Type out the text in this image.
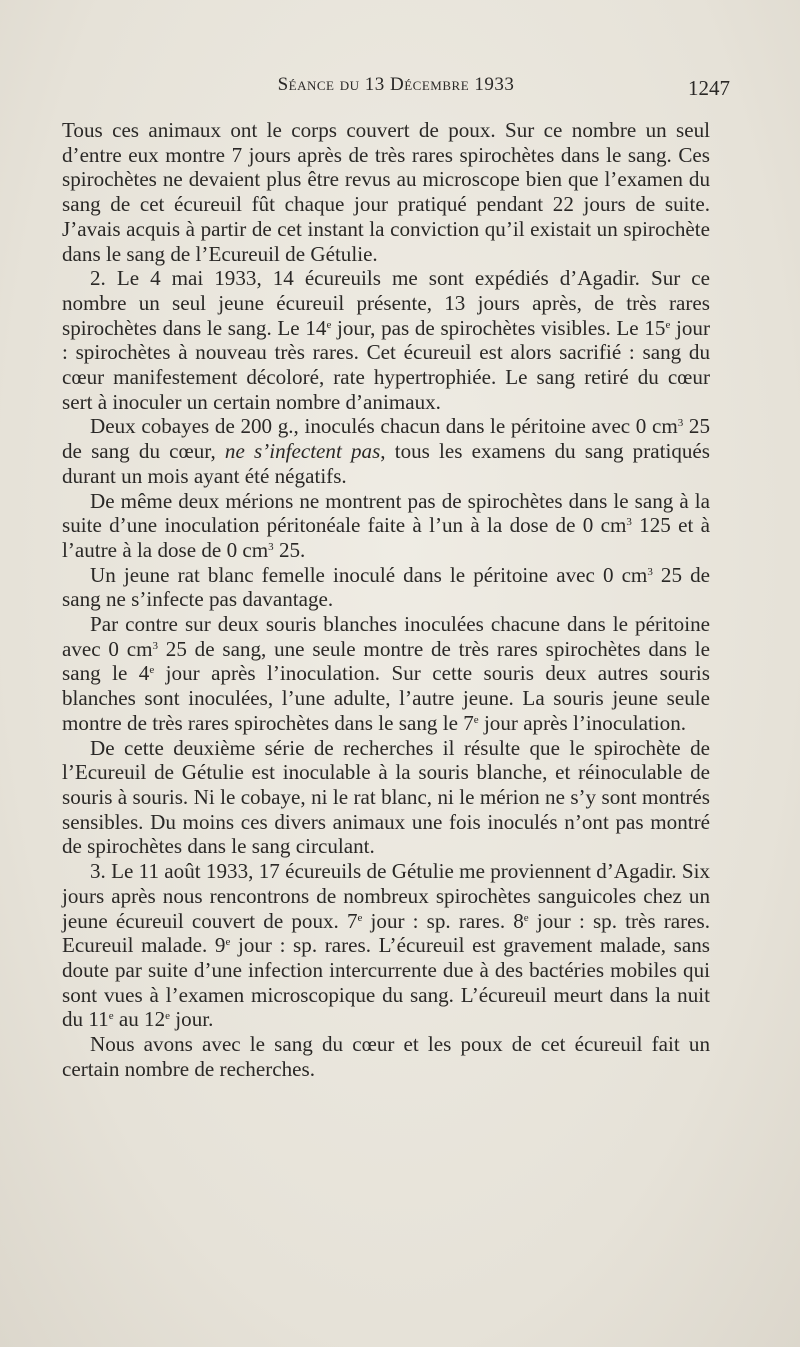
Séance du 13 Décembre 1933	1247

Tous ces animaux ont le corps couvert de poux. Sur ce nombre un seul d’entre eux montre 7 jours après de très rares spirochètes dans le sang. Ces spirochètes ne devaient plus être revus au microscope bien que l’examen du sang de cet écureuil fût chaque jour pratiqué pendant 22 jours de suite. J’avais acquis à partir de cet instant la conviction qu’il existait un spirochète dans le sang de l’Ecureuil de Gétulie.

2. Le 4 mai 1933, 14 écureuils me sont expédiés d’Agadir. Sur ce nombre un seul jeune écureuil présente, 13 jours après, de très rares spirochètes dans le sang. Le 14e jour, pas de spirochètes visibles. Le 15e jour : spirochètes à nouveau très rares. Cet écureuil est alors sacrifié : sang du cœur manifestement décoloré, rate hypertrophiée. Le sang retiré du cœur sert à inoculer un certain nombre d’animaux.

Deux cobayes de 200 g., inoculés chacun dans le péritoine avec 0 $cm^3$ 25 de sang du cœur, ne s’infectent pas, tous les examens du sang pratiqués durant un mois ayant été négatifs.

De même deux mérions ne montrent pas de spirochètes dans le sang à la suite d’une inoculation péritonéale faite à l’un à la dose de 0 $cm^3$ 125 et à l’autre à la dose de 0 $cm^3$ 25.

Un jeune rat blanc femelle inoculé dans le péritoine avec 0 $cm^3$ 25 de sang ne s’infecte pas davantage.

Par contre sur deux souris blanches inoculées chacune dans le péritoine avec 0 $cm^3$ 25 de sang, une seule montre de très rares spirochètes dans le sang le 4e jour après l’inoculation. Sur cette souris deux autres souris blanches sont inoculées, l’une adulte, l’autre jeune. La souris jeune seule montre de très rares spirochètes dans le sang le 7e jour après l’inoculation.

De cette deuxième série de recherches il résulte que le spirochète de l’Ecureuil de Gétulie est inoculable à la souris blanche, et réinoculable de souris à souris. Ni le cobaye, ni le rat blanc, ni le mérion ne s’y sont montrés sensibles. Du moins ces divers animaux une fois inoculés n’ont pas montré de spirochètes dans le sang circulant.

3. Le 11 août 1933, 17 écureuils de Gétulie me proviennent d’Agadir. Six jours après nous rencontrons de nombreux spirochètes sanguicoles chez un jeune écureuil couvert de poux. 7e jour : sp. rares. 8e jour : sp. très rares. Ecureuil malade. 9e jour : sp. rares. L’écureuil est gravement malade, sans doute par suite d’une infection intercurrente due à des bactéries mobiles qui sont vues à l’examen microscopique du sang. L’écureuil meurt dans la nuit du 11e au 12e jour.

Nous avons avec le sang du cœur et les poux de cet écureuil fait un certain nombre de recherches.
